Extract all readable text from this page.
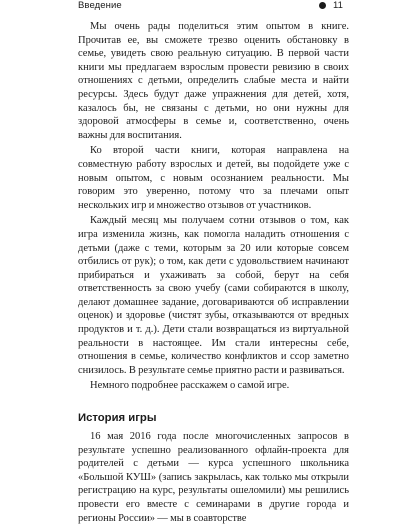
Введение	11

Мы очень рады поделиться этим опытом в книге. Прочитав ее, вы сможете трезво оценить обстановку в семье, увидеть свою реальную ситуацию. В первой части книги мы предлагаем взрослым провести ревизию в своих отношениях с детьми, определить слабые места и найти ресурсы. Здесь будут даже упражнения для детей, хотя, казалось бы, не связаны с детьми, но они нужны для здоровой атмосферы в семье и, соответственно, очень важны для воспитания.

Ко второй части книги, которая направлена на совместную работу взрослых и детей, вы подойдете уже с новым опытом, с новым осознанием реальности. Мы говорим это уверенно, потому что за плечами опыт нескольких игр и множество отзывов от участников.

Каждый месяц мы получаем сотни отзывов о том, как игра изменила жизнь, как помогла наладить отношения с детьми (даже с теми, которым за 20 или которые совсем отбились от рук); о том, как дети с удовольствием начинают прибираться и ухаживать за собой, берут на себя ответственность за свою учебу (сами собираются в школу, делают домашнее задание, договариваются об исправлении оценок) и здоровье (чистят зубы, отказываются от вредных продуктов и т. д.). Дети стали возвращаться из виртуальной реальности в настоящее. Им стали интересны себе, отношения в семье, количество конфликтов и ссор заметно снизилось. В результате семье приятно расти и развиваться.

Немного подробнее расскажем о самой игре.

История игры

16 мая 2016 года после многочисленных запросов в результате успешно реализованного офлайн-проекта для родителей с детьми — курса успешного школьника «Большой КУШ» (запись закрылась, как только мы открыли регистрацию на курс, результаты ошеломили) мы решились провести его вместе с семинарами в другие города и регионы России» — мы в соавторстве
